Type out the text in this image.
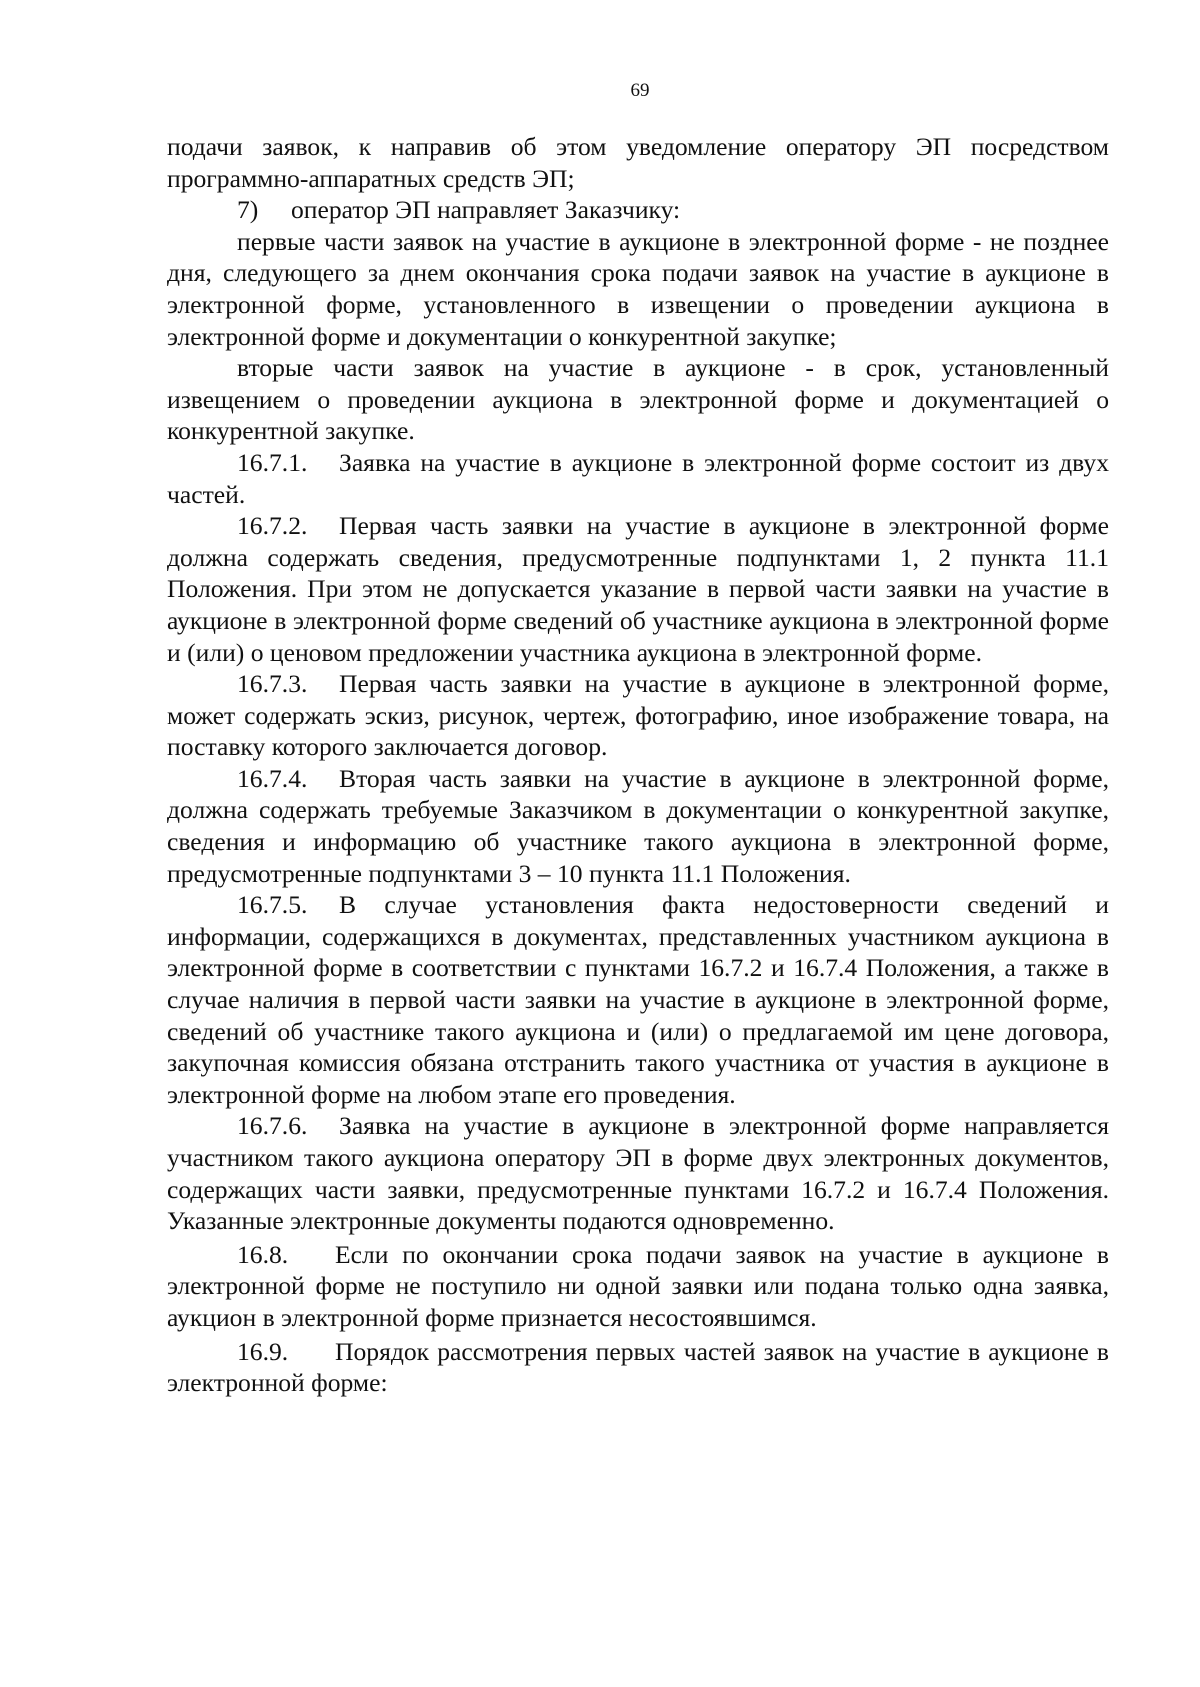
69

подачи заявок, к направив об этом уведомление оператору ЭП посредством программно-аппаратных средств ЭП;

7) оператор ЭП направляет Заказчику:

первые части заявок на участие в аукционе в электронной форме - не позднее дня, следующего за днем окончания срока подачи заявок на участие в аукционе в электронной форме, установленного в извещении о проведении аукциона в электронной форме и документации о конкурентной закупке;

вторые части заявок на участие в аукционе - в срок, установленный извещением о проведении аукциона в электронной форме и документацией о конкурентной закупке.

16.7.1. Заявка на участие в аукционе в электронной форме состоит из двух частей.

16.7.2. Первая часть заявки на участие в аукционе в электронной форме должна содержать сведения, предусмотренные подпунктами 1, 2 пункта 11.1 Положения. При этом не допускается указание в первой части заявки на участие в аукционе в электронной форме сведений об участнике аукциона в электронной форме и (или) о ценовом предложении участника аукциона в электронной форме.

16.7.3. Первая часть заявки на участие в аукционе в электронной форме, может содержать эскиз, рисунок, чертеж, фотографию, иное изображение товара, на поставку которого заключается договор.

16.7.4. Вторая часть заявки на участие в аукционе в электронной форме, должна содержать требуемые Заказчиком в документации о конкурентной закупке, сведения и информацию об участнике такого аукциона в электронной форме, предусмотренные подпунктами 3 – 10 пункта 11.1 Положения.

16.7.5. В случае установления факта недостоверности сведений и информации, содержащихся в документах, представленных участником аукциона в электронной форме в соответствии с пунктами 16.7.2 и 16.7.4 Положения, а также в случае наличия в первой части заявки на участие в аукционе в электронной форме, сведений об участнике такого аукциона и (или) о предлагаемой им цене договора, закупочная комиссия обязана отстранить такого участника от участия в аукционе в электронной форме на любом этапе его проведения.

16.7.6. Заявка на участие в аукционе в электронной форме направляется участником такого аукциона оператору ЭП в форме двух электронных документов, содержащих части заявки, предусмотренные пунктами 16.7.2 и 16.7.4 Положения. Указанные электронные документы подаются одновременно.

16.8. Если по окончании срока подачи заявок на участие в аукционе в электронной форме не поступило ни одной заявки или подана только одна заявка, аукцион в электронной форме признается несостоявшимся.

16.9. Порядок рассмотрения первых частей заявок на участие в аукционе в электронной форме:
